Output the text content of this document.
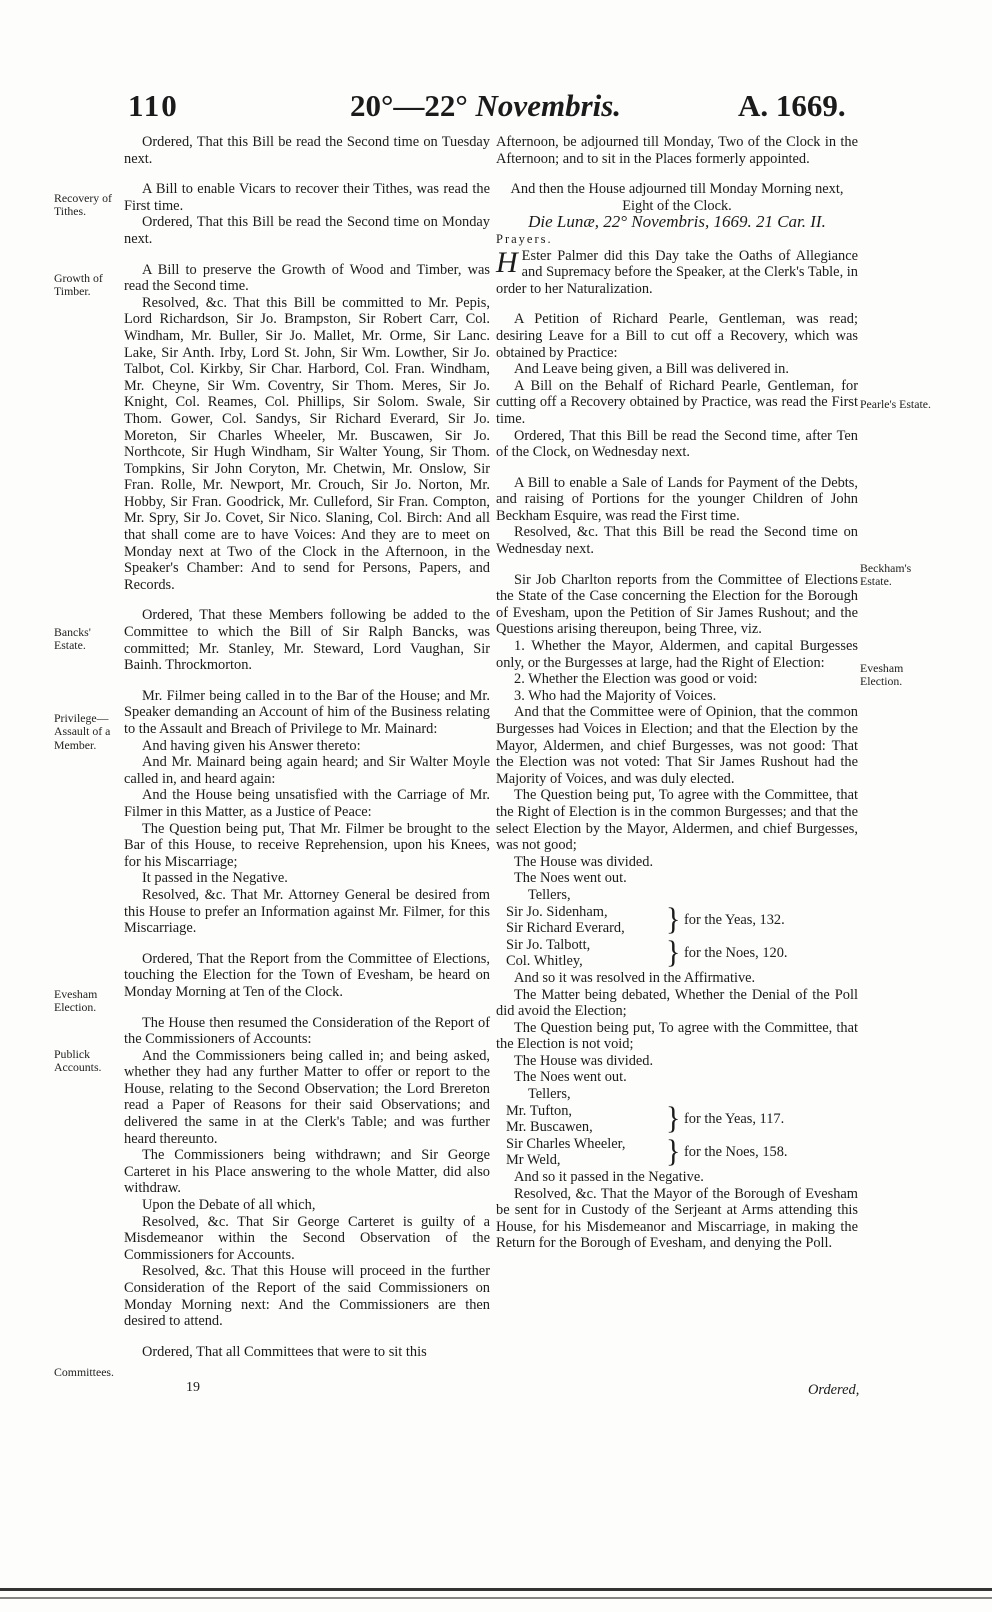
110	20°—22° Novembris.	A. 1669.
Recovery of Tithes.
Growth of Timber.
Bancks' Estate.
Privilege— Assault of a Member.
Evesham Election.
Publick Accounts.
Committees.
Pearle's Estate.
Beckham's Estate.
Evesham Election.

Ordered, That this Bill be read the Second time on Tuesday next.

A Bill to enable Vicars to recover their Tithes, was read the First time.

Ordered, That this Bill be read the Second time on Monday next.

A Bill to preserve the Growth of Wood and Timber, was read the Second time.

Resolved, &c. That this Bill be committed to Mr. Pepis, Lord Richardson, Sir Jo. Brampston, Sir Robert Carr, Col. Windham, Mr. Buller, Sir Jo. Mallet, Mr. Orme, Sir Lanc. Lake, Sir Anth. Irby, Lord St. John, Sir Wm. Lowther, Sir Jo. Talbot, Col. Kirkby, Sir Char. Harbord, Col. Fran. Windham, Mr. Cheyne, Sir Wm. Coventry, Sir Thom. Meres, Sir Jo. Knight, Col. Reames, Col. Phillips, Sir Solom. Swale, Sir Thom. Gower, Col. Sandys, Sir Richard Everard, Sir Jo. Moreton, Sir Charles Wheeler, Mr. Buscawen, Sir Jo. Northcote, Sir Hugh Windham, Sir Walter Young, Sir Thom. Tompkins, Sir John Coryton, Mr. Chetwin, Mr. Onslow, Sir Fran. Rolle, Mr. Newport, Mr. Crouch, Sir Jo. Norton, Mr. Hobby, Sir Fran. Goodrick, Mr. Culleford, Sir Fran. Compton, Mr. Spry, Sir Jo. Covet, Sir Nico. Slaning, Col. Birch: And all that shall come are to have Voices: And they are to meet on Monday next at Two of the Clock in the Afternoon, in the Speaker's Chamber: And to send for Persons, Papers, and Records.

Ordered, That these Members following be added to the Committee to which the Bill of Sir Ralph Bancks, was committed; Mr. Stanley, Mr. Steward, Lord Vaughan, Sir Bainh. Throckmorton.

Mr. Filmer being called in to the Bar of the House; and Mr. Speaker demanding an Account of him of the Business relating to the Assault and Breach of Privilege to Mr. Mainard:

And having given his Answer thereto:

And Mr. Mainard being again heard; and Sir Walter Moyle called in, and heard again:

And the House being unsatisfied with the Carriage of Mr. Filmer in this Matter, as a Justice of Peace:

The Question being put, That Mr. Filmer be brought to the Bar of this House, to receive Reprehension, upon his Knees, for his Miscarriage;

It passed in the Negative.

Resolved, &c. That Mr. Attorney General be desired from this House to prefer an Information against Mr. Filmer, for this Miscarriage.

Ordered, That the Report from the Committee of Elections, touching the Election for the Town of Evesham, be heard on Monday Morning at Ten of the Clock.

The House then resumed the Consideration of the Report of the Commissioners of Accounts:

And the Commissioners being called in; and being asked, whether they had any further Matter to offer or report to the House, relating to the Second Observation; the Lord Brereton read a Paper of Reasons for their said Observations; and delivered the same in at the Clerk's Table; and was further heard thereunto.

The Commissioners being withdrawn; and Sir George Carteret in his Place answering to the whole Matter, did also withdraw.

Upon the Debate of all which,

Resolved, &c. That Sir George Carteret is guilty of a Misdemeanor within the Second Observation of the Commissioners for Accounts.

Resolved, &c. That this House will proceed in the further Consideration of the Report of the said Commissioners on Monday Morning next: And the Commissioners are then desired to attend.

Ordered, That all Committees that were to sit this

Afternoon, be adjourned till Monday, Two of the Clock in the Afternoon; and to sit in the Places formerly appointed.

And then the House adjourned till Monday Morning next, Eight of the Clock.

Die Lunæ, 22° Novembris, 1669. 21 Car. II.

Prayers.

H Ester Palmer did this Day take the Oaths of Allegiance and Supremacy before the Speaker, at the Clerk's Table, in order to her Naturalization.

A Petition of Richard Pearle, Gentleman, was read; desiring Leave for a Bill to cut off a Recovery, which was obtained by Practice:

And Leave being given, a Bill was delivered in.

A Bill on the Behalf of Richard Pearle, Gentleman, for cutting off a Recovery obtained by Practice, was read the First time.

Ordered, That this Bill be read the Second time, after Ten of the Clock, on Wednesday next.

A Bill to enable a Sale of Lands for Payment of the Debts, and raising of Portions for the younger Children of John Beckham Esquire, was read the First time.

Resolved, &c. That this Bill be read the Second time on Wednesday next.

Sir Job Charlton reports from the Committee of Elections the State of the Case concerning the Election for the Borough of Evesham, upon the Petition of Sir James Rushout; and the Questions arising thereupon, being Three, viz.

1. Whether the Mayor, Aldermen, and capital Burgesses only, or the Burgesses at large, had the Right of Election:

2. Whether the Election was good or void:

3. Who had the Majority of Voices.

And that the Committee were of Opinion, that the common Burgesses had Voices in Election; and that the Election by the Mayor, Aldermen, and chief Burgesses, was not good: That the Election was not voted: That Sir James Rushout had the Majority of Voices, and was duly elected.

The Question being put, To agree with the Committee, that the Right of Election is in the common Burgesses; and that the select Election by the Mayor, Aldermen, and chief Burgesses, was not good;

The House was divided.

The Noes went out.

Tellers,

Sir Jo. Sidenham,
Sir Richard Everard,	} for the Yeas, 132.
Sir Jo. Talbott,
Col. Whitley,	} for the Noes, 120.

And so it was resolved in the Affirmative.

The Matter being debated, Whether the Denial of the Poll did avoid the Election;

The Question being put, To agree with the Committee, that the Election is not void;

The House was divided.

The Noes went out.

Tellers,

Mr. Tufton,
Mr. Buscawen,	} for the Yeas, 117.
Sir Charles Wheeler,
Mr Weld,	} for the Noes, 158.

And so it passed in the Negative.

Resolved, &c. That the Mayor of the Borough of Evesham be sent for in Custody of the Serjeant at Arms attending this House, for his Misdemeanor and Miscarriage, in making the Return for the Borough of Evesham, and denying the Poll.

19	Ordered,
